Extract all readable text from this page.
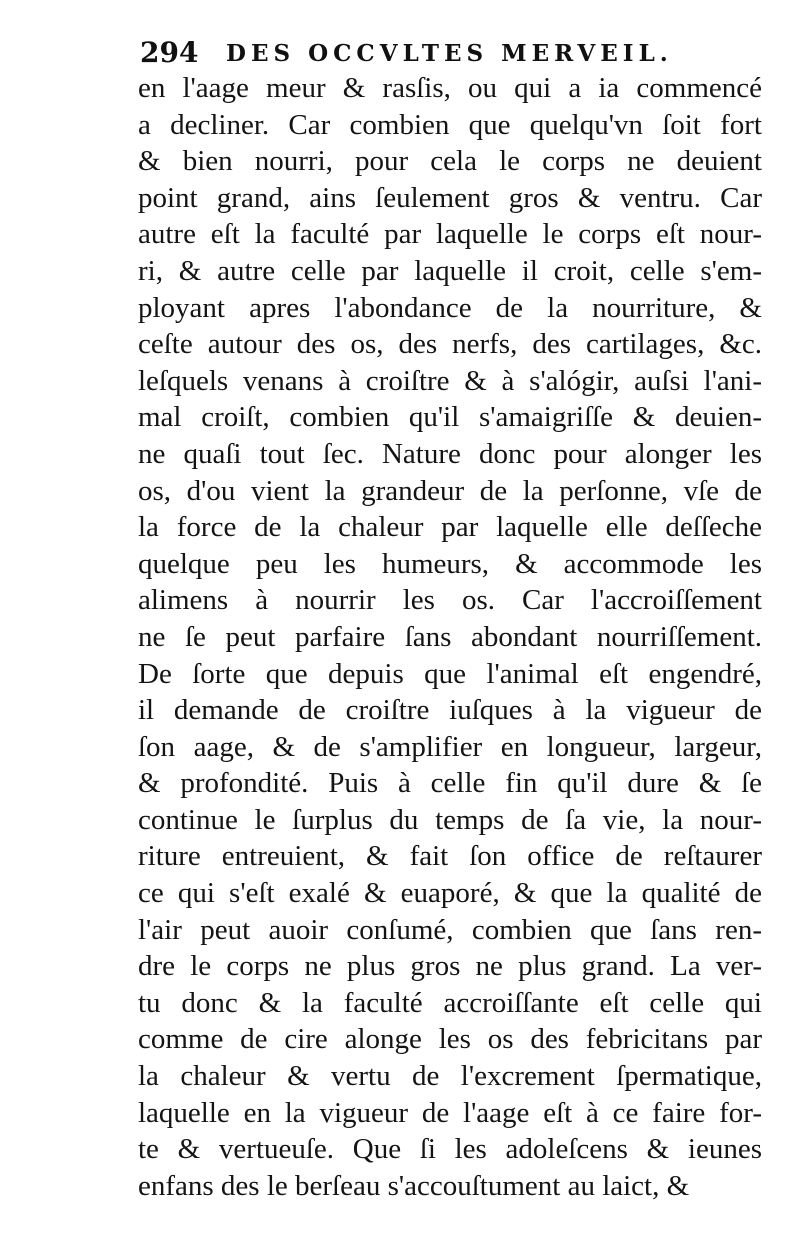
294 DES OCCVLTES MERVEIL.
en l'aage meur & rasſis, ou qui a ia commencé
a decliner. Car combien que quelqu'vn ſoit fort
& bien nourri, pour cela le corps ne deuient
point grand, ains ſeulement gros & ventru. Car
autre eſt la faculté par laquelle le corps eſt nour-
ri, & autre celle par laquelle il croit, celle s'em-
ployant apres l'abondance de la nourriture, &
ceſte autour des os, des nerfs, des cartilages, &c.
leſquels venans à croiſtre & à s'alógir, auſsi l'ani-
mal croiſt, combien qu'il s'amaigriſſe & deuien-
ne quaſi tout ſec. Nature donc pour alonger les
os, d'ou vient la grandeur de la perſonne, vſe de
la force de la chaleur par laquelle elle deſſeche
quelque peu les humeurs, & accommode les
alimens à nourrir les os. Car l'accroiſſement
ne ſe peut parfaire ſans abondant nourriſſement.
De ſorte que depuis que l'animal eſt engendré,
il demande de croiſtre iuſques à la vigueur de
ſon aage, & de s'amplifier en longueur, largeur,
& profondité. Puis à celle fin qu'il dure & ſe
continue le ſurplus du temps de ſa vie, la nour-
riture entreuient, & fait ſon office de reſtaurer
ce qui s'eſt exalé & euaporé, & que la qualité de
l'air peut auoir conſumé, combien que ſans ren-
dre le corps ne plus gros ne plus grand. La ver-
tu donc & la faculté accroiſſante eſt celle qui
comme de cire alonge les os des febricitans par
la chaleur & vertu de l'excrement ſpermatique,
laquelle en la vigueur de l'aage eſt à ce faire for-
te & vertueuſe. Que ſi les adoleſcens & ieunes
enfans des le berſeau s'accouſtument au laict, &
